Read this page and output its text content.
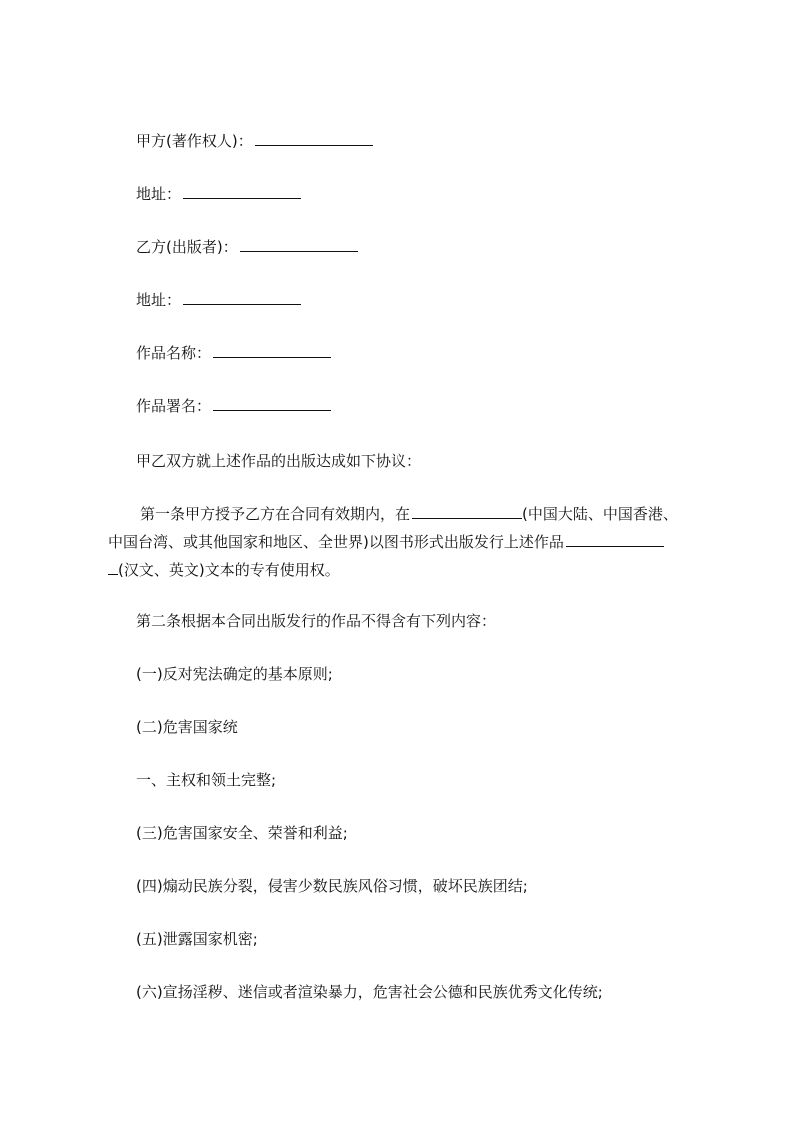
甲方(著作权人)：
地址：
乙方(出版者)：
地址：
作品名称：
作品署名：
甲乙双方就上述作品的出版达成如下协议：
第一条甲方授予乙方在合同有效期内，在	(中国大陆、中国香港、
中国台湾、或其他国家和地区、全世界)以图书形式出版发行上述作品
(汉文、英文)文本的专有使用权。
第二条根据本合同出版发行的作品不得含有下列内容：
(一)反对宪法确定的基本原则;
(二)危害国家统
一、主权和领土完整;
(三)危害国家安全、荣誉和利益;
(四)煽动民族分裂，侵害少数民族风俗习惯，破坏民族团结;
(五)泄露国家机密;
(六)宣扬淫秽、迷信或者渲染暴力，危害社会公德和民族优秀文化传统;
